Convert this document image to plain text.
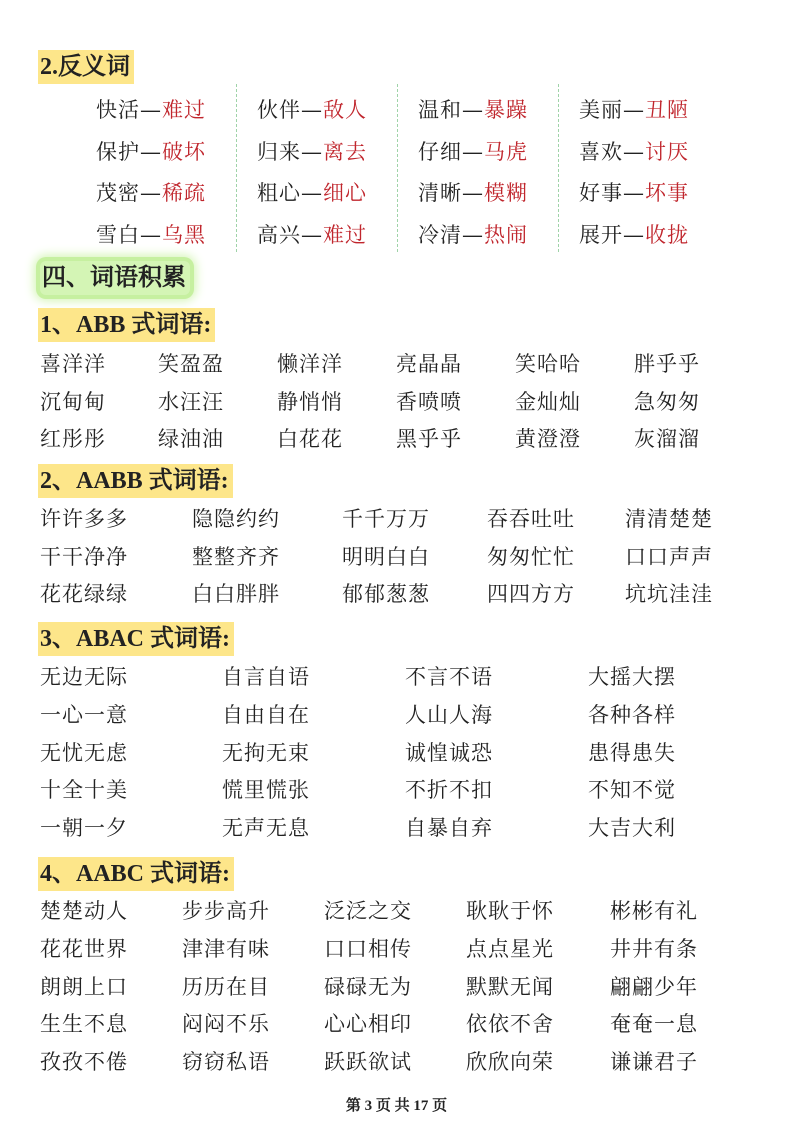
2.反义词
快活—难过 伙伴—敌人 温和—暴躁 美丽—丑陋
保护—破坏 归来—离去 仔细—马虎 喜欢—讨厌
茂密—稀疏 粗心—细心 清晰—模糊 好事—坏事
雪白—乌黑 高兴—难过 冷清—热闹 展开—收拢
四、词语积累
1、ABB 式词语:
喜洋洋 笑盈盈	懒洋洋	亮晶晶	笑哈哈	胖乎乎
沉甸甸 水汪汪	静悄悄	香喷喷	金灿灿	急匆匆
红彤彤 绿油油	白花花	黑乎乎	黄澄澄	灰溜溜
2、AABB 式词语:
许许多多	隐隐约约	千千万万	吞吞吐吐 清清楚楚
干干净净	整整齐齐	明明白白	匆匆忙忙 口口声声
花花绿绿	白白胖胖	郁郁葱葱	四四方方 坑坑洼洼
3、ABAC 式词语:
无边无际	自言自语	不言不语	大摇大摆
一心一意	自由自在	人山人海	各种各样
无忧无虑	无拘无束	诚惶诚恐	患得患失
十全十美	慌里慌张	不折不扣	不知不觉
一朝一夕	无声无息	自暴自弃	大吉大利
4、AABC 式词语:
楚楚动人	步步高升	泛泛之交	耿耿于怀	彬彬有礼
花花世界	津津有味	口口相传	点点星光	井井有条
朗朗上口	历历在目	碌碌无为	默默无闻	翩翩少年
生生不息	闷闷不乐	心心相印	依依不舍	奄奄一息
孜孜不倦	窃窃私语	跃跃欲试	欣欣向荣	谦谦君子
第 3 页 共 17 页
